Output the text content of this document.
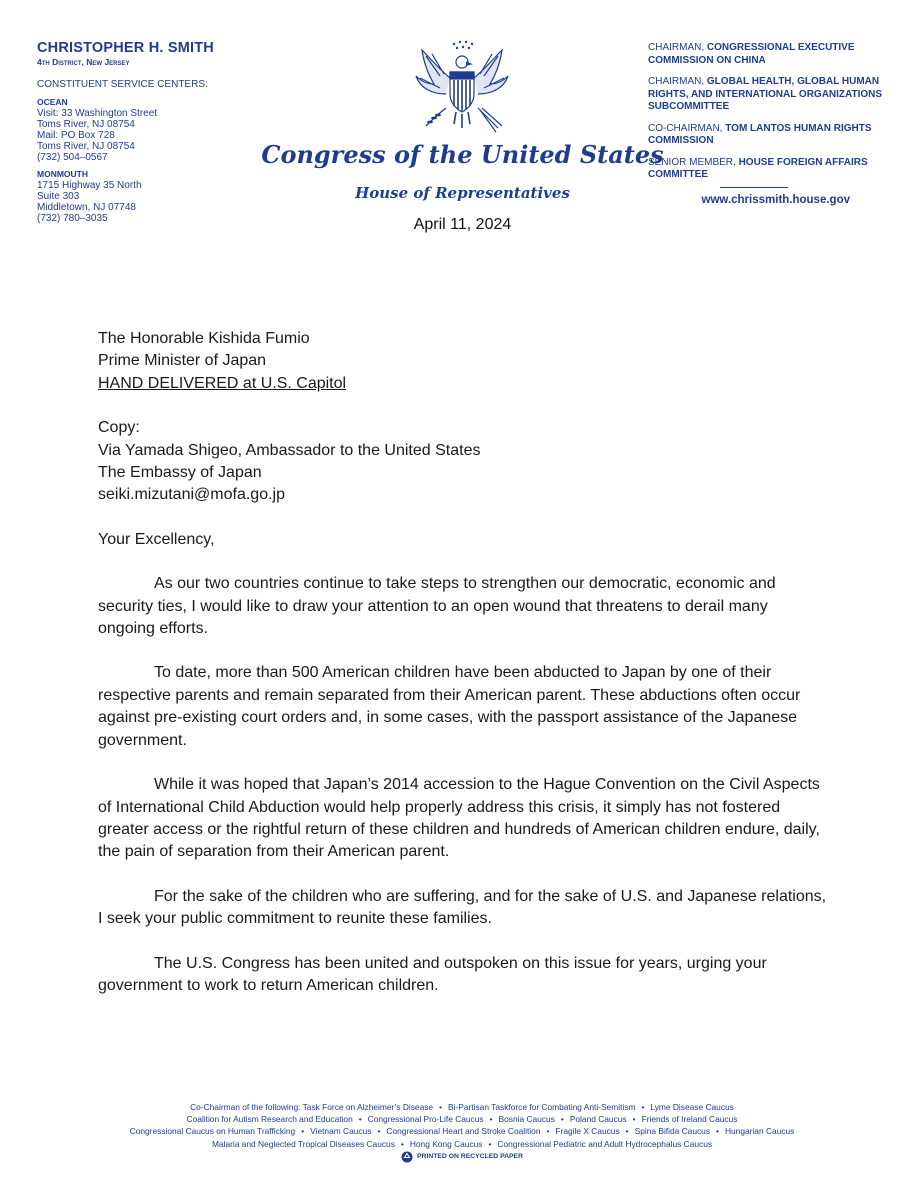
CHRISTOPHER H. SMITH
4th District, New Jersey
CONSTITUENT SERVICE CENTERS:
OCEAN
Visit: 33 Washington Street
Toms River, NJ 08754
Mail: PO Box 728
Toms River, NJ 08754
(732) 504–0567
MONMOUTH
1715 Highway 35 North
Suite 303
Middletown, NJ 07748
(732) 780–3035
Congress of the United States
House of Representatives
April 11, 2024
CHAIRMAN, CONGRESSIONAL EXECUTIVE COMMISSION ON CHINA
CHAIRMAN, GLOBAL HEALTH, GLOBAL HUMAN RIGHTS, AND INTERNATIONAL ORGANIZATIONS SUBCOMMITTEE
CO-CHAIRMAN, TOM LANTOS HUMAN RIGHTS COMMISSION
SENIOR MEMBER, HOUSE FOREIGN AFFAIRS COMMITTEE
www.chrissmith.house.gov

The Honorable Kishida Fumio

Prime Minister of Japan

HAND DELIVERED at U.S. Capitol

Copy:

Via Yamada Shigeo, Ambassador to the United States

The Embassy of Japan

seiki.mizutani@mofa.go.jp

Your Excellency,

As our two countries continue to take steps to strengthen our democratic, economic and security ties, I would like to draw your attention to an open wound that threatens to derail many ongoing efforts.

To date, more than 500 American children have been abducted to Japan by one of their respective parents and remain separated from their American parent. These abductions often occur against pre-existing court orders and, in some cases, with the passport assistance of the Japanese government.

While it was hoped that Japan’s 2014 accession to the Hague Convention on the Civil Aspects of International Child Abduction would help properly address this crisis, it simply has not fostered greater access or the rightful return of these children and hundreds of American children endure, daily, the pain of separation from their American parent.

For the sake of the children who are suffering, and for the sake of U.S. and Japanese relations, I seek your public commitment to reunite these families.

The U.S. Congress has been united and outspoken on this issue for years, urging your government to work to return American children.

Co-Chairman of the following: Task Force on Alzheimer’s Disease • Bi-Partisan Taskforce for Combating Anti-Semitism • Lyme Disease Caucus
Coalition for Autism Research and Education • Congressional Pro-Life Caucus • Bosnia Caucus • Poland Caucus • Friends of Ireland Caucus
Congressional Caucus on Human Trafficking • Vietnam Caucus • Congressional Heart and Stroke Coalition • Fragile X Caucus • Spina Bifida Caucus • Hungarian Caucus
Malaria and Neglected Tropical Diseases Caucus • Hong Kong Caucus • Congressional Pediatric and Adult Hydrocephalus Caucus
PRINTED ON RECYCLED PAPER
